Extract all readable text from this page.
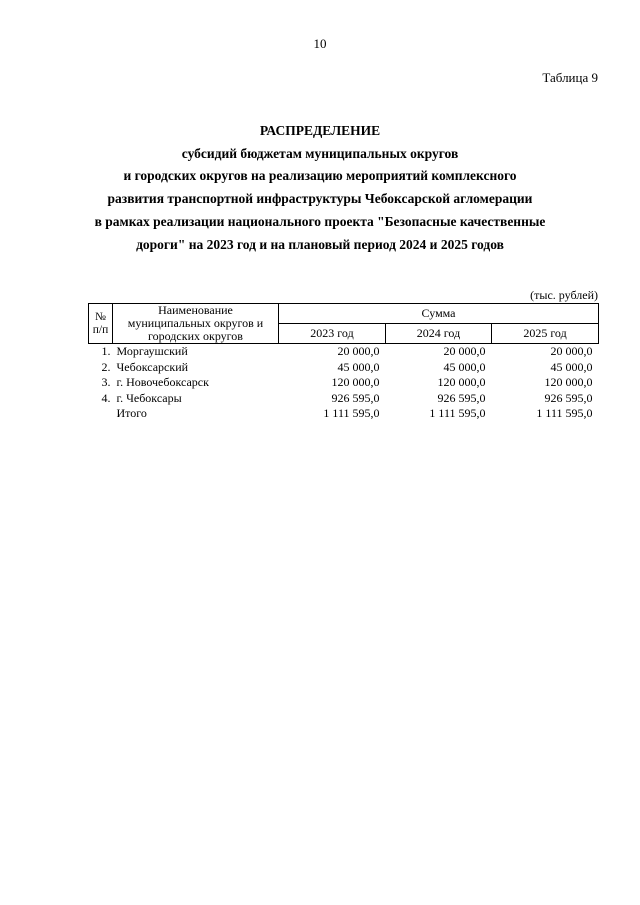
10
Таблица 9
РАСПРЕДЕЛЕНИЕ
субсидий бюджетам муниципальных округов
и городских округов на реализацию мероприятий комплексного
развития транспортной инфраструктуры Чебоксарской агломерации
в рамках реализации национального проекта "Безопасные качественные
дороги" на 2023 год и на плановый период 2024 и 2025 годов
(тыс. рублей)
№ п/п	Наименование муниципальных округов и городских округов	Сумма		
		2023 год	2024 год	2025 год
1.	Моргаушский	20 000,0	20 000,0	20 000,0
2.	Чебоксарский	45 000,0	45 000,0	45 000,0
3.	г. Новочебоксарск	120 000,0	120 000,0	120 000,0
4.	г. Чебоксары	926 595,0	926 595,0	926 595,0
	Итого	1 111 595,0	1 111 595,0	1 111 595,0
